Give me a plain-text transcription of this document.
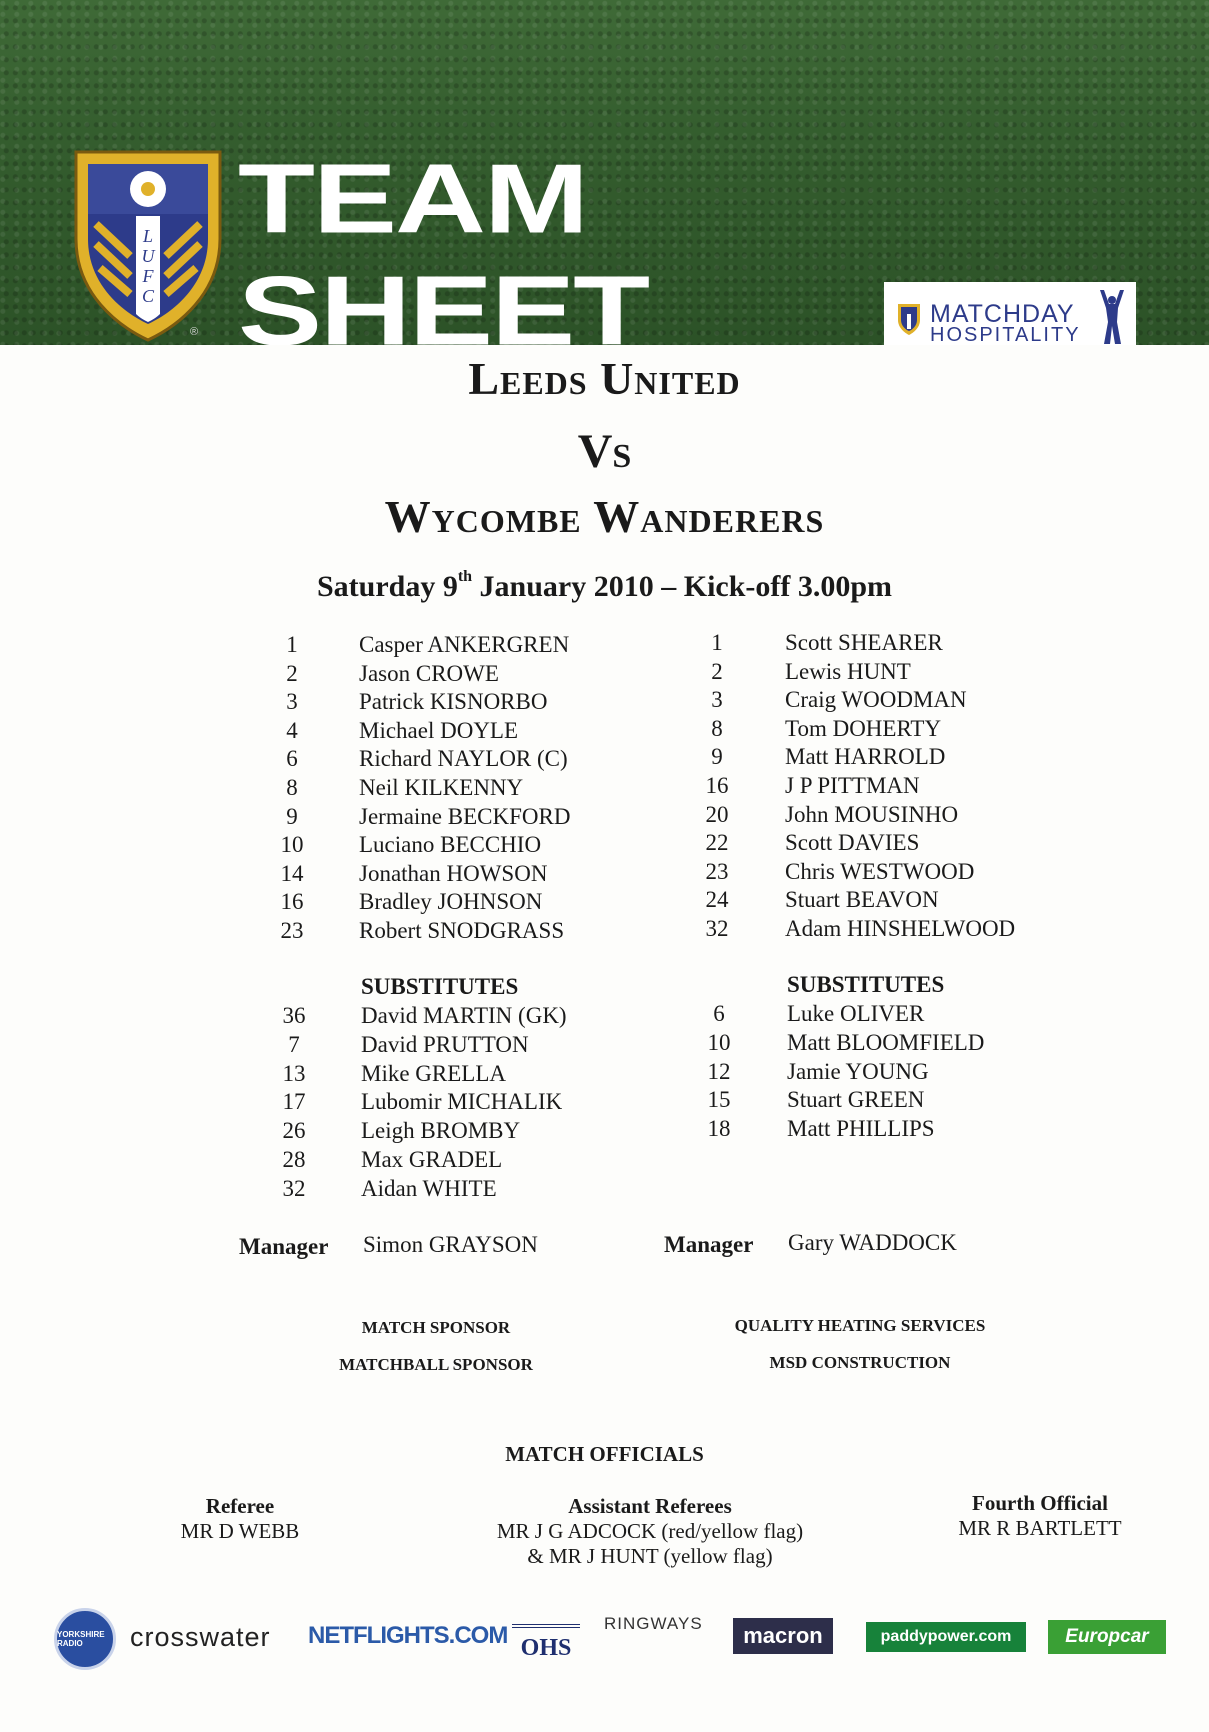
L
U
F
C
TEAM
SHEET
®
MATCHDAY
HOSPITALITY
Leeds United
Vs
Wycombe Wanderers
Saturday 9th January 2010 – Kick-off 3.00pm
1	Casper ANKERGREN
2	Jason CROWE
3	Patrick KISNORBO
4	Michael DOYLE
6	Richard NAYLOR (C)
8	Neil KILKENNY
9	Jermaine BECKFORD
10	Luciano BECCHIO
14	Jonathan HOWSON
16	Bradley JOHNSON
23	Robert SNODGRASS
SUBSTITUTES
36	David MARTIN (GK)
7	David PRUTTON
13	Mike GRELLA
17	Lubomir MICHALIK
26	Leigh BROMBY
28	Max GRADEL
32	Aidan WHITE
Manager Simon GRAYSON
1	Scott SHEARER
2	Lewis HUNT
3	Craig WOODMAN
8	Tom DOHERTY
9	Matt HARROLD
16	J P PITTMAN
20	John MOUSINHO
22	Scott DAVIES
23	Chris WESTWOOD
24	Stuart BEAVON
32	Adam HINSHELWOOD
SUBSTITUTES
6	Luke OLIVER
10	Matt BLOOMFIELD
12	Jamie YOUNG
15	Stuart GREEN
18	Matt PHILLIPS
Manager Gary WADDOCK
MATCH SPONSOR	QUALITY HEATING SERVICES
MATCHBALL SPONSOR	MSD CONSTRUCTION
MATCH OFFICIALS
Referee
MR D WEBB
Assistant Referees
MR J G ADCOCK (red/yellow flag)
& MR J HUNT (yellow flag)
Fourth Official
MR R BARTLETT
YORKSHIRE RADIO	crosswater NETFLIGHTS.COM OHS
RINGWAYS	macron	paddypower.com	Europcar
